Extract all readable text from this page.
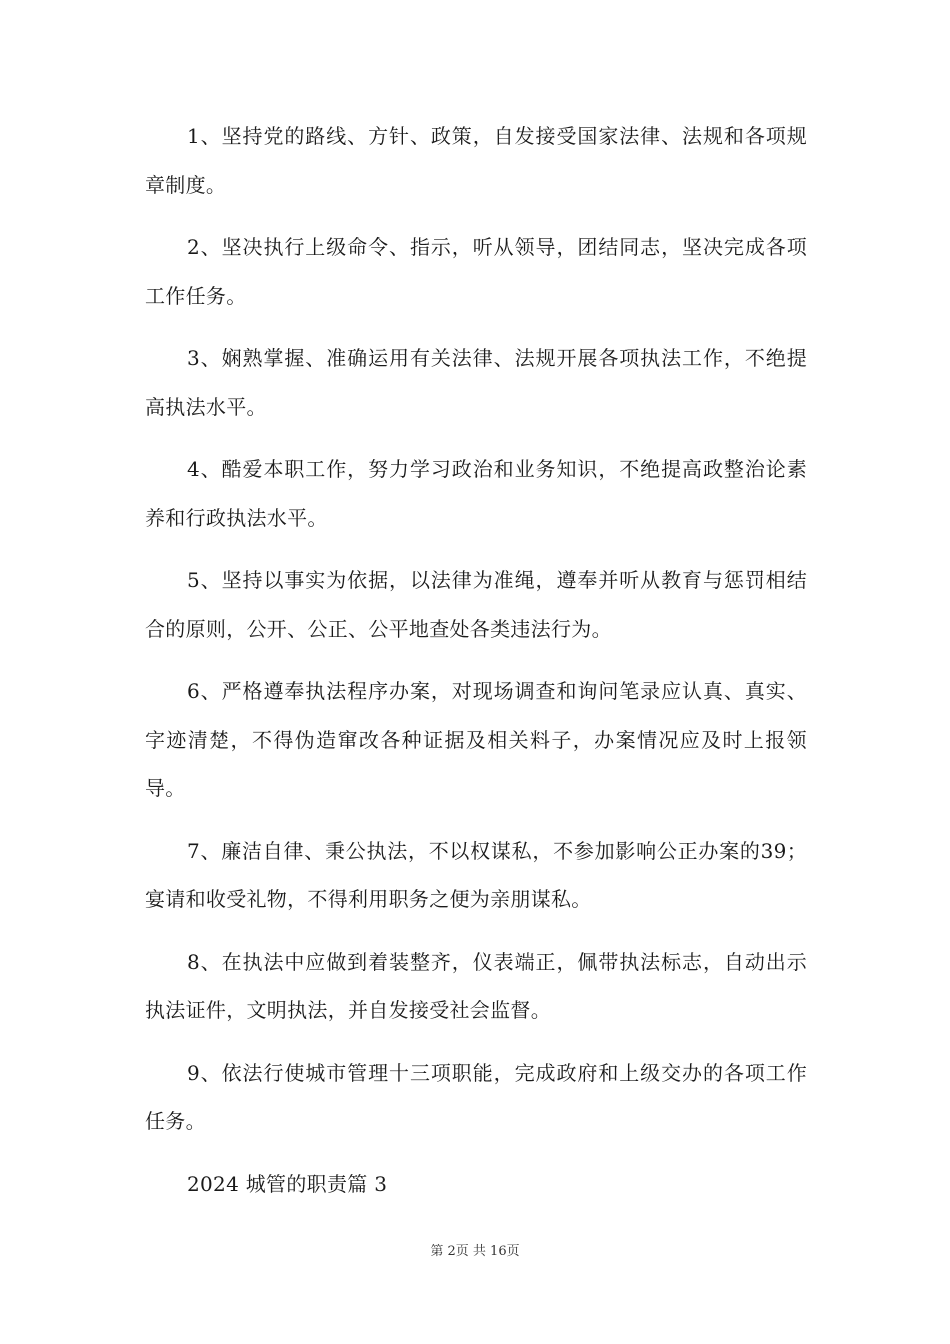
1、坚持党的路线、方针、政策，自发接受国家法律、法规和各项规章制度。

2、坚决执行上级命令、指示，听从领导，团结同志，坚决完成各项工作任务。

3、娴熟掌握、准确运用有关法律、法规开展各项执法工作，不绝提高执法水平。

4、酷爱本职工作，努力学习政治和业务知识，不绝提高政整治论素养和行政执法水平。

5、坚持以事实为依据，以法律为准绳，遵奉并听从教育与惩罚相结合的原则，公开、公正、公平地查处各类违法行为。

6、严格遵奉执法程序办案，对现场调查和询问笔录应认真、真实、字迹清楚，不得伪造窜改各种证据及相关料子，办案情况应及时上报领导。

7、廉洁自律、秉公执法，不以权谋私，不参加影响公正办案的39；宴请和收受礼物，不得利用职务之便为亲朋谋私。

8、在执法中应做到着装整齐，仪表端正，佩带执法标志，自动出示执法证件，文明执法，并自发接受社会监督。

9、依法行使城市管理十三项职能，完成政府和上级交办的各项工作任务。

2024 城管的职责篇 3

第 2页 共 16页
